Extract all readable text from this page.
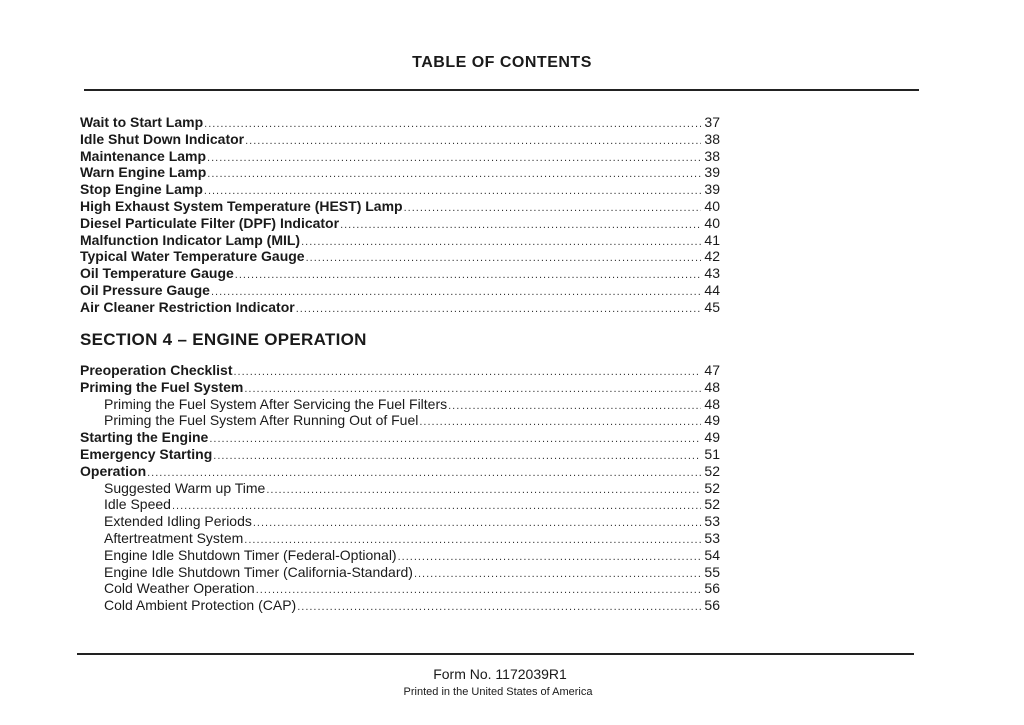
TABLE OF CONTENTS
Wait to Start Lamp .....	37
Idle Shut Down Indicator .....	38
Maintenance Lamp .....	38
Warn Engine Lamp .....	39
Stop Engine Lamp .....	39
High Exhaust System Temperature (HEST) Lamp .....	40
Diesel Particulate Filter (DPF) Indicator .....	40
Malfunction Indicator Lamp (MIL) .....	41
Typical Water Temperature Gauge .....	42
Oil Temperature Gauge .....	43
Oil Pressure Gauge .....	44
Air Cleaner Restriction Indicator .....	45
SECTION 4 – ENGINE OPERATION
Preoperation Checklist .....	47
Priming the Fuel System .....	48
Priming the Fuel System After Servicing the Fuel Filters .....	48
Priming the Fuel System After Running Out of Fuel .....	49
Starting the Engine .....	49
Emergency Starting .....	51
Operation .....	52
Suggested Warm up Time .....	52
Idle Speed .....	52
Extended Idling Periods .....	53
Aftertreatment System .....	53
Engine Idle Shutdown Timer (Federal-Optional) .....	54
Engine Idle Shutdown Timer (California-Standard) .....	55
Cold Weather Operation .....	56
Cold Ambient Protection (CAP) .....	56
Form No. 1172039R1
Printed in the United States of America
